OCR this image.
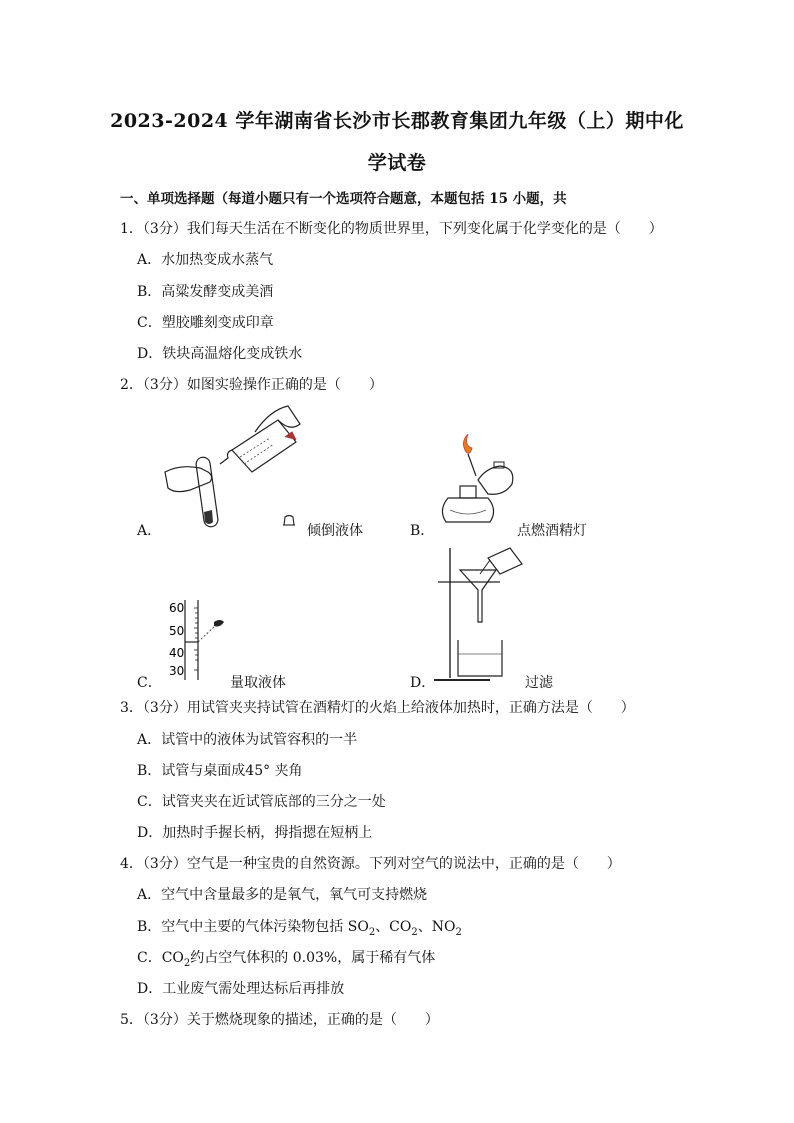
2023-2024 学年湖南省长沙市长郡教育集团九年级（上）期中化
学试卷
一、单项选择题（每道小题只有一个选项符合题意，本题包括 15 小题，共
1．（3分）我们每天生活在不断变化的物质世界里，下列变化属于化学变化的是（　　）
A．水加热变成水蒸气
B．高粱发酵变成美酒
C．塑胶雕刻变成印章
D．铁块高温熔化变成铁水
2．（3分）如图实验操作正确的是（　　）
A．	倾倒液体	B．	点燃酒精灯
60
50
40
30
C．	量取液体	D．	过滤
3．（3分）用试管夹夹持试管在酒精灯的火焰上给液体加热时，正确方法是（　　）
A．试管中的液体为试管容积的一半
B．试管与桌面成45° 夹角
C．试管夹夹在近试管底部的三分之一处
D．加热时手握长柄，拇指摁在短柄上
4．（3分）空气是一种宝贵的自然资源。下列对空气的说法中，正确的是（　　）
A．空气中含量最多的是氧气，氧气可支持燃烧
B．空气中主要的气体污染物包括 $SO_2$、$CO_2$、$NO_2$
C．$CO_2$约占空气体积的 0.03%，属于稀有气体
D．工业废气需处理达标后再排放
5．（3分）关于燃烧现象的描述，正确的是（　　）
